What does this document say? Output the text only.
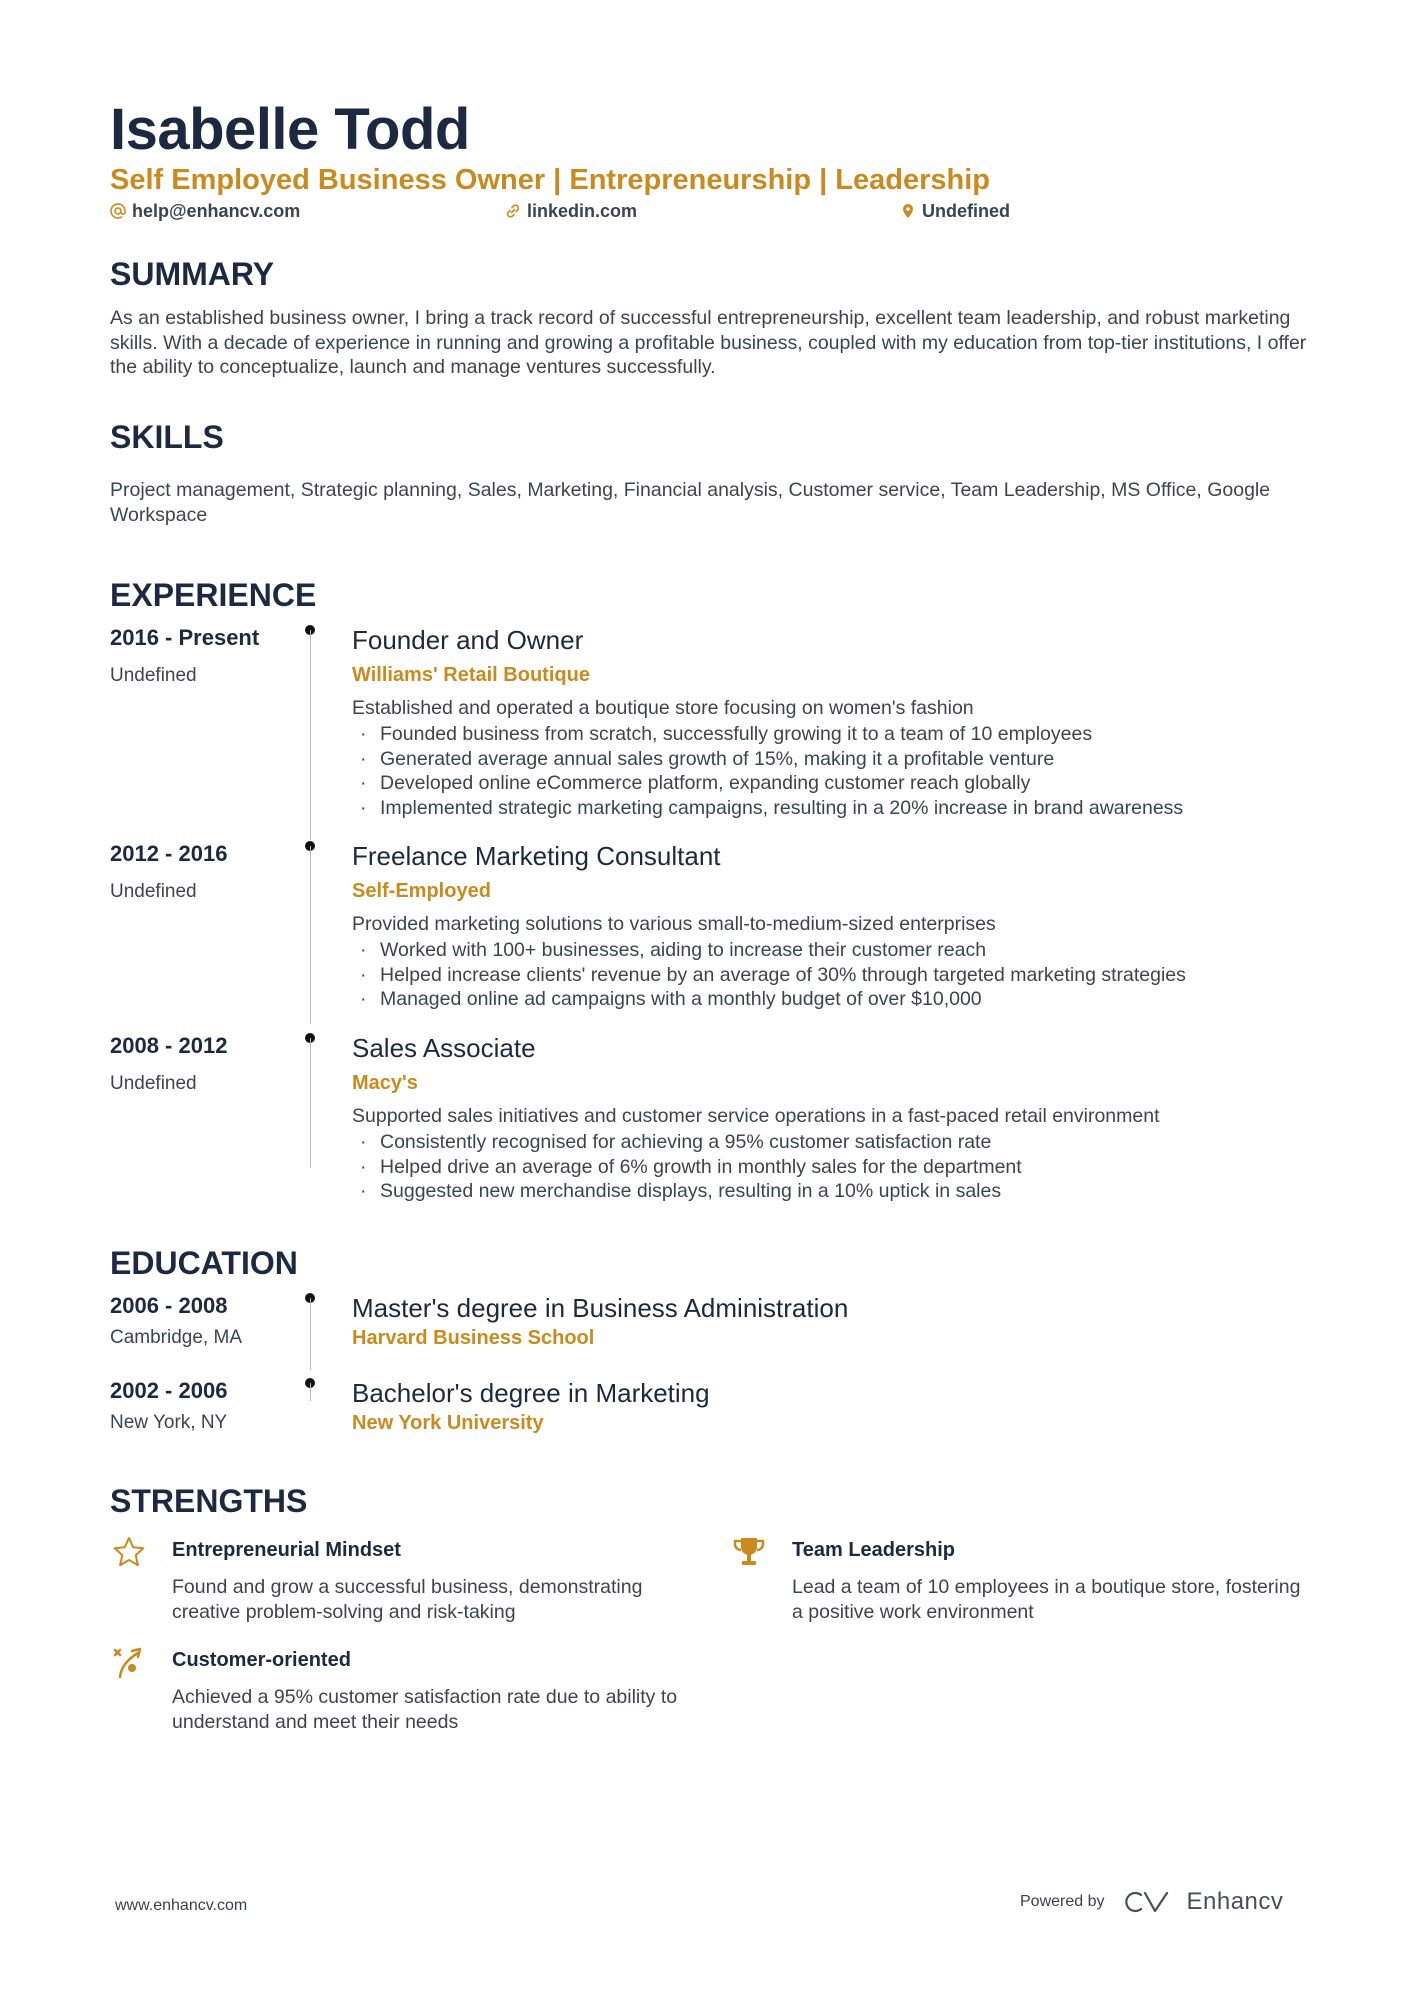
Isabelle Todd
Self Employed Business Owner | Entrepreneurship | Leadership
help@enhancv.com	linkedin.com	Undefined
SUMMARY
As an established business owner, I bring a track record of successful entrepreneurship, excellent team leadership, and robust marketing skills. With a decade of experience in running and growing a profitable business, coupled with my education from top-tier institutions, I offer the ability to conceptualize, launch and manage ventures successfully.
SKILLS
Project management, Strategic planning, Sales, Marketing, Financial analysis, Customer service, Team Leadership, MS Office, Google Workspace
EXPERIENCE
2016 - Present
Undefined
Founder and Owner
Williams' Retail Boutique
Established and operated a boutique store focusing on women's fashion
· Founded business from scratch, successfully growing it to a team of 10 employees
· Generated average annual sales growth of 15%, making it a profitable venture
· Developed online eCommerce platform, expanding customer reach globally
· Implemented strategic marketing campaigns, resulting in a 20% increase in brand awareness
2012 - 2016
Undefined
Freelance Marketing Consultant
Self-Employed
Provided marketing solutions to various small-to-medium-sized enterprises
· Worked with 100+ businesses, aiding to increase their customer reach
· Helped increase clients' revenue by an average of 30% through targeted marketing strategies
· Managed online ad campaigns with a monthly budget of over $10,000
2008 - 2012
Undefined
Sales Associate
Macy's
Supported sales initiatives and customer service operations in a fast-paced retail environment
· Consistently recognised for achieving a 95% customer satisfaction rate
· Helped drive an average of 6% growth in monthly sales for the department
· Suggested new merchandise displays, resulting in a 10% uptick in sales
EDUCATION
2006 - 2008
Cambridge, MA
Master's degree in Business Administration
Harvard Business School
2002 - 2006
New York, NY
Bachelor's degree in Marketing
New York University
STRENGTHS
Entrepreneurial Mindset
Found and grow a successful business, demonstrating creative problem-solving and risk-taking
Team Leadership
Lead a team of 10 employees in a boutique store, fostering a positive work environment
Customer-oriented
Achieved a 95% customer satisfaction rate due to ability to understand and meet their needs
www.enhancv.com	Powered by	Enhancv
